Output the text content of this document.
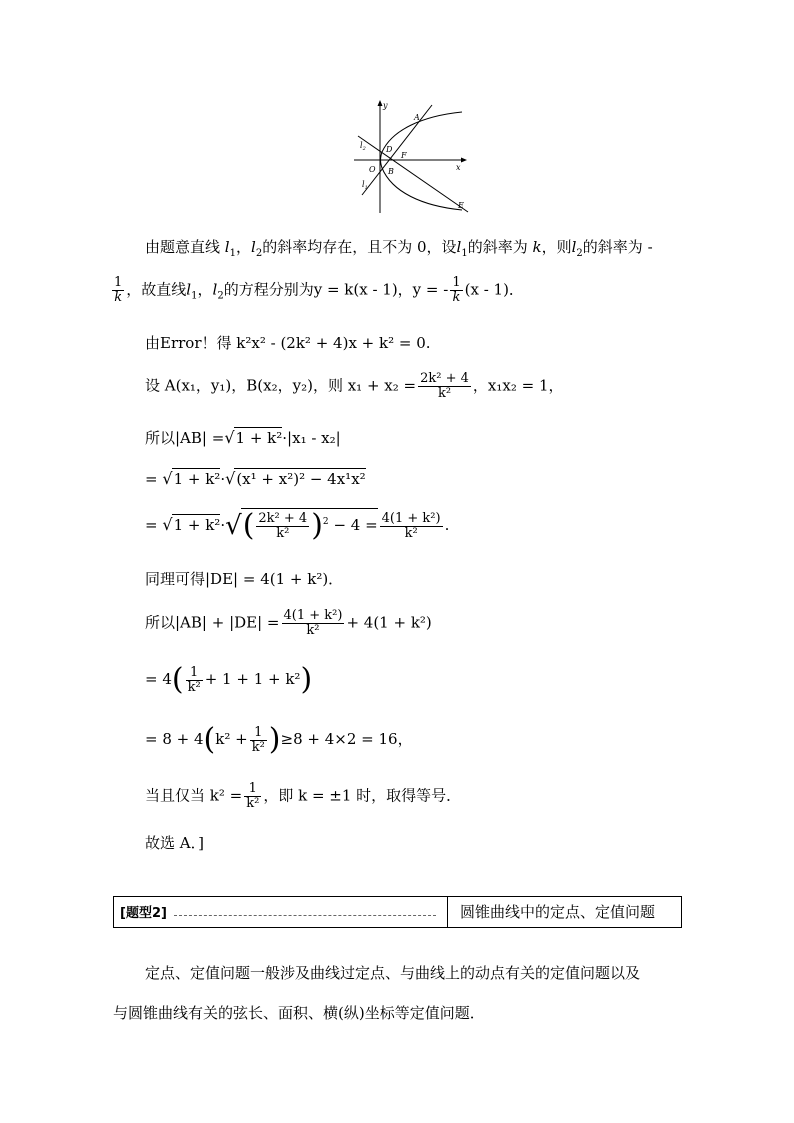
y
x
O
A
D
F
B
E
$l_2$
$l_1$
由题意直线 $l_1$，$l_2$的斜率均存在，且不为 0，设$l_1$的斜率为 k，则$l_2$的斜率为 -
$\frac{1}{k}$ ，故直线$l_1$，$l_2$的方程分别为y = k(x - 1)，y = - $\frac{1}{k} (x - 1)$．
由Error！得 k²x² - (2k² + 4)x + k² = 0.
设 A(x₁，y₁)，B(x₂，y₂)，则 $x_1 + x_2 = \frac{\text{2k² + 4}}{\text{k²}}$ ，x₁x₂ = 1，
所以|AB| =√1 + k²·|x₁ - x₂|
= √1 + k²·√(x¹ + x²)² − 4x¹x²
= $√1 + k^2\cdot√( \frac{\text{2k² + 4}}{\text{k²}} )^2 - 4 = \frac{\text{4(1 + k²)}}{\text{k²}}$ .
同理可得|DE| = 4(1 + k²)．
所以$|AB| + |DE| = \frac{\text{4(1 + k²)}}{\text{k²}} + 4(1 + k^2)$
= $4( \frac{1}{\text{k²}} + 1 + 1 + k^2)$
= $8 + 4(k^2 + \frac{1}{\text{k²}} )\ge 8 + 4\times 2 = 16$，
当且仅当 $k^2 = \frac{1}{\text{k²}}$ ，即 k = ±1 时，取得等号．
故选 A．]
[题型2]	圆锥曲线中的定点、定值问题
定点、定值问题一般涉及曲线过定点、与曲线上的动点有关的定值问题以及
与圆锥曲线有关的弦长、面积、横(纵)坐标等定值问题．
